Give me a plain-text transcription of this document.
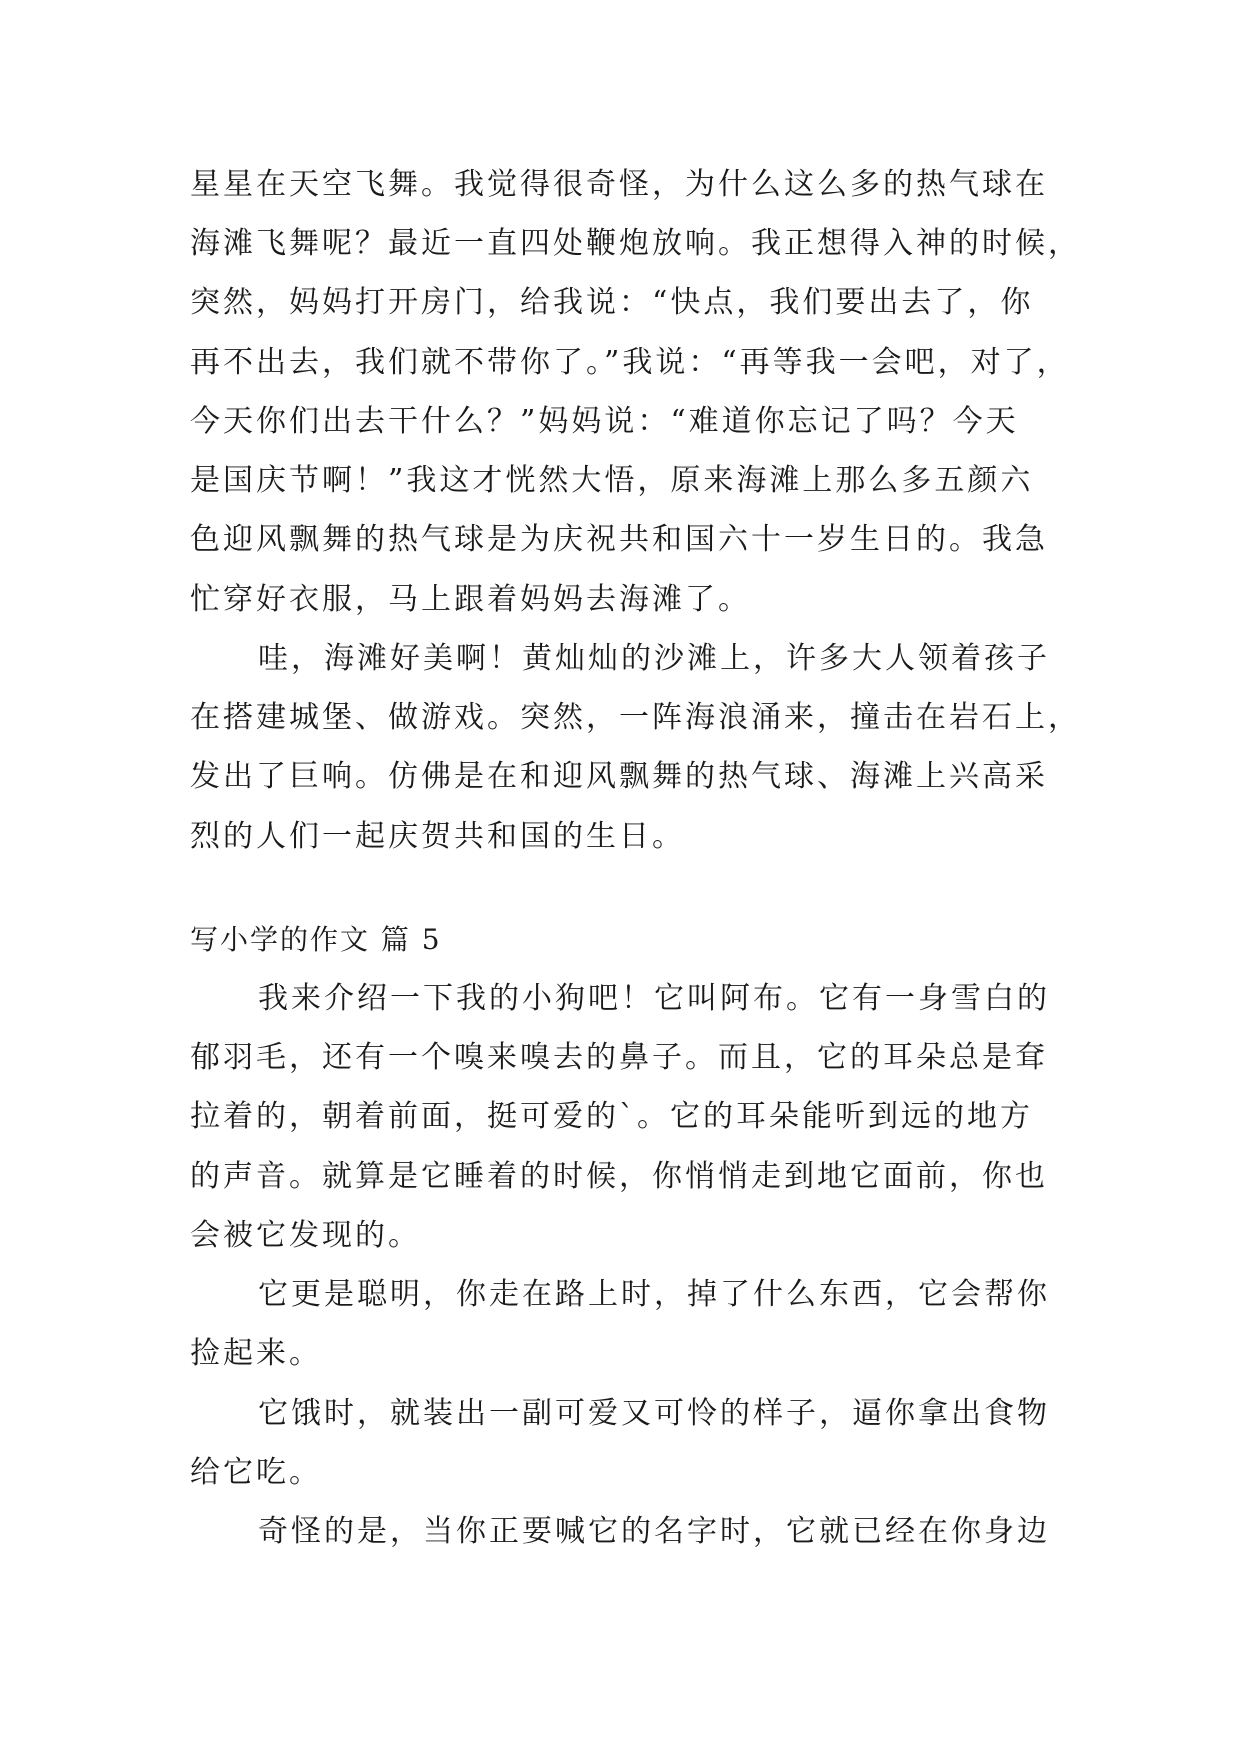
星星在天空飞舞。我觉得很奇怪，为什么这么多的热气球在
海滩飞舞呢？最近一直四处鞭炮放响。我正想得入神的时候，
突然，妈妈打开房门，给我说：“快点，我们要出去了，你
再不出去，我们就不带你了。”我说：“再等我一会吧，对了，
今天你们出去干什么？”妈妈说：“难道你忘记了吗？今天
是国庆节啊！”我这才恍然大悟，原来海滩上那么多五颜六
色迎风飘舞的热气球是为庆祝共和国六十一岁生日的。我急
忙穿好衣服，马上跟着妈妈去海滩了。
哇，海滩好美啊！黄灿灿的沙滩上，许多大人领着孩子
在搭建城堡、做游戏。突然，一阵海浪涌来，撞击在岩石上，
发出了巨响。仿佛是在和迎风飘舞的热气球、海滩上兴高采
烈的人们一起庆贺共和国的生日。
写小学的作文 篇 5
我来介绍一下我的小狗吧！它叫阿布。它有一身雪白的
郁羽毛，还有一个嗅来嗅去的鼻子。而且，它的耳朵总是耷
拉着的，朝着前面，挺可爱的`。它的耳朵能听到远的地方
的声音。就算是它睡着的时候，你悄悄走到地它面前，你也
会被它发现的。
它更是聪明，你走在路上时，掉了什么东西，它会帮你
捡起来。
它饿时，就装出一副可爱又可怜的样子，逼你拿出食物
给它吃。
奇怪的是，当你正要喊它的名字时，它就已经在你身边
